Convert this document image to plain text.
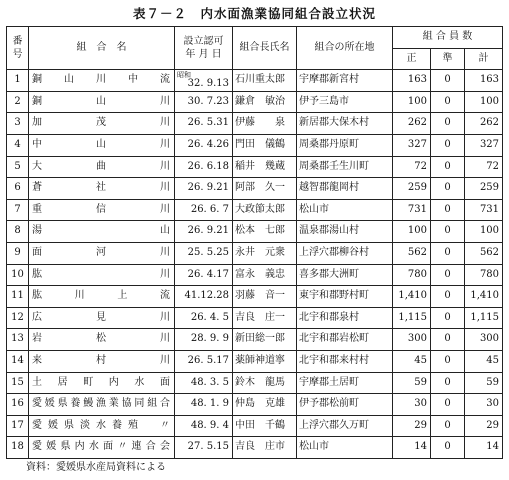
表７－２　内水面漁業協同組合設立状況
番
号	組　合　名	設立認可
年 月 日	組合長氏名	組合の所在地	組 合 員 数		
					正	準	計
1	銅山川中流	昭和
32. 9.13	石川重太郎	宇摩郡新宮村	163	0	163
2	銅山川	30. 7.23	鎌倉　敏治	伊予三島市	100	0	100
3	加茂川	26. 5.31	伊藤　　泉	新居郡大保木村	262	0	262
4	中山川	26. 4.26	門田　儀鶴	周桑郡丹原町	327	0	327
5	大曲川	26. 6.18	稲井　幾蔵	周桑郡壬生川町	72	0	72
6	蒼社川	26. 9.21	阿部　久一	越智郡龍岡村	259	0	259
7	重信川	26. 6. 7	大政節太郎	松山市	731	0	731
8	湯　　　　山	26. 9.21	松本　七郎	温泉郡湯山村	100	0	100
9	面河川	25. 5.25	永井　元衆	上浮穴郡柳谷村	562	0	562
10	肱川	26. 4.17	富永　義忠	喜多郡大洲町	780	0	780
11	肱川上流	41.12.28	羽藤　音一	東宇和郡野村町	1,410	0	1,410
12	広見川	26. 4. 5	吉良　庄一	北宇和郡泉村	1,115	0	1,115
13	岩松川	28. 9. 9	新田総一郎	北宇和郡岩松町	300	0	300
14	来村川	26. 5.17	薬師神道寧	北宇和郡来村村	45	0	45
15	土居町内水面	48. 3. 5	鈴木　龍馬	宇摩郡土居町	59	0	59
16	愛媛県養鰻漁業協同組合	48. 1. 9	仲島　克雄	伊予郡松前町	30	0	30
17	愛媛県淡水養殖　〃	48. 9. 4	中田　千鶴	上浮穴郡久万町	29	0	29
18	愛媛県内水面〃連合会	27. 5.15	吉良　庄市	松山市	14	0	14
資料：愛媛県水産局資料による
